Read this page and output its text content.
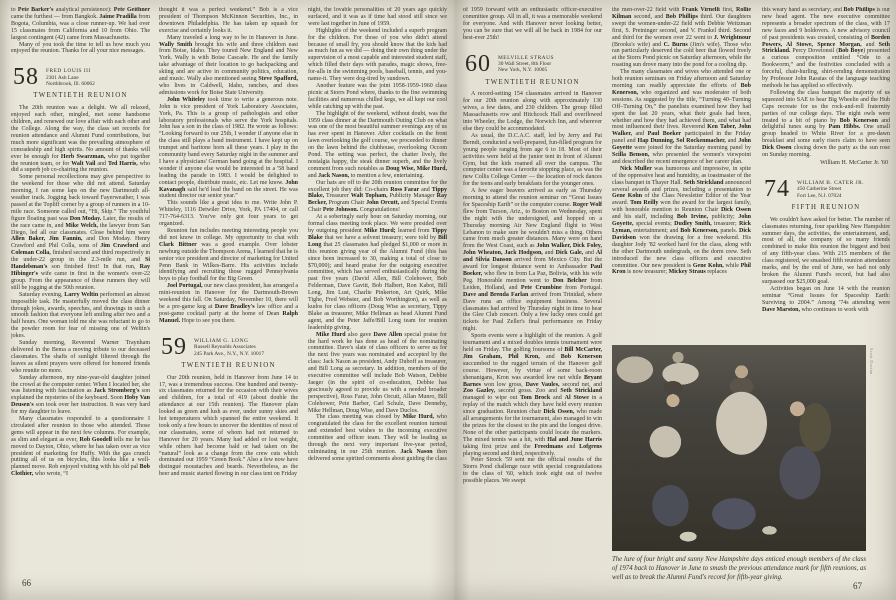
to Pete Barker's analytical persistence): Pete Geithner came the furthest — from Bangkok. Jaime Pradilla from Bogota, Columbia, was a close runner-up. We had over 15 classmates from California and 10 from Ohio. The largest contingent (42) came from Massachusetts.

Many of you took the time to tell us how much you enjoyed the reunion. Thanks for all your nice messages.

58 FRED LOUIS III
2301 Ash Lane
Northbrook, Ill. 60062
TWENTIETH REUNION

The 20th reunion was a delight. We all relaxed, enjoyed each other, mingled, met some handsome children, and renewed our love affair with each other and the College. Along the way, the class set records for reunion attendance and Alumni Fund contributions, but much more significant was the prevailing atmosphere of comradeship and high spirits. No amount of thanks will ever be enough for Herb Swarzman, who put together the reunion team, or for Walt Vail and Ted Harris, who did a superb job co-chairing the reunion.

Some personal recollections may give perspective to the weekend for those who did not attend. Saturday morning, I ran some laps on the new Dartmouth all-weather track. Jogging back toward Fayerweather, I was passed at the Topliff corner by a group of runners in a 10-mile race. Someone called out, “Hi, Skip.” The youthful figure floating past was Don Moday. Later, the results of the race came in, and Mike Welch, the lawyer from San Diego, led all our classmates. Close behind him were Allen Baker, Jim Fannin, and Don Moday. Henry Crawford and Phil Colla, sons of Jim Crawford and Coleman Colla, finished second and third respectively in the under-22 group in the 2.3-mile run, and Si Handelsman's son finished first! In that run, Ray Hibinger's wife came in first in the women's over-22 group. From the appearance of these runners they will still be jogging at the 50th reunion.

Saturday evening, Larry Weltin performed an almost impossible task. He masterfully moved the class dinner through jokes, awards, speeches, and drawings in such a smooth fashion that everyone left smiling after two and a half hours. One woman told me she was reluctant to go to the powder room for fear of missing one of Weltin's jokes.

Sunday morning, Reverend Warner Traynham delivered in the Bema a moving tribute to our deceased classmates. The shafts of sunlight filtered through the leaves as silent prayers were offered for honored friends who reunite no more.

Sunday afternoon, my nine-year-old daughter joined the crowd at the computer center. When I located her, she was listening with fascination as Jack Stromberg's son explained the mysteries of the keyboard. Soon Hoby Van Deusen's son took over her instruction. It was very hard for my daughter to leave.

Many classmates responded to a questionnaire I circulated after reunion to those who attended. Those gems will appear in the next few columns. For example, as slim and elegant as ever, Rob Goodell tells me he has moved to Dayton, Ohio, where he has taken over as vice president of marketing for Huffy. With the gas crunch putting all of us on bicycles, this looks like a well-planned move. Rob enjoyed visiting with his old pal Bob Clothier, who wrote, “I

thought it was a perfect weekend.” Bob is a vice president of Thompson McKinnon Securities, Inc., in downtown Philadelphia. He has taken up squash for exercise and certainly looks it.

Many traveled a long way to be in Hanover in June. Wally Smith brought his wife and three children east from Boise, Idaho. They toured New England and New York. Wally is with Boise Cascade. He and the family take advantage of their location to go backpacking and skiing and are active in community politics, education, and music. Wally also mentioned seeing Steve Spafford, who lives in Caldwell, Idaho, ranches, and does admissions work for Boise State University.

John Whiteley took time to write a generous note. John is vice president of York Laboratory Associates, York, Pa. This is a group of pathologists and other laboratory professionals who serve the York hospitals. John has a son in the class of 1982. He wrote as follows: “Looking forward to our 25th, I wonder if anyone else in the class still plays a band instrument. I have kept up on trumpet and baritone horn all these years. I play in the community band every Saturday night in the summer and I have a physicians' German band going at the hospital. I wonder if anyone else would be interested in a '58 band leading the parade in 1983. I would be delighted to contact people, distribute music, etc. Let me know. John Kavanagh said he'd lead the band on the street. He was student director our senior year.”

This sounds like a great idea to me. Write John P. Whiteley, 1116 Detwiler Drive, York, PA 17404, or call 717-764-6313. You've only got four years to get organized.

Reunion fun includes meeting interesting people you did not know in college. My opportunity to chat with Clark Bittner was a good example. Over lobster newburg outside the Thompson Arena, I learned that he is senior vice president and director of marketing for United Penn Bank in Wilkes-Barre. His activities include identifying and recruiting those rugged Pennsylvania boys to play football for the Big Green.

Joel Portugal, our new class president, has arranged a mini-reunion in Hanover for the Dartmouth-Brown weekend this fall. On Saturday, November 10, there will be a pre-game keg at Dave Bradley's law office and a post-game cocktail party at the home of Dean Ralph Manuel. Hope to see you there.

59 WILLIAM G. LONG
Russell Reynolds Associates
245 Park Ave., N.Y., N.Y. 10017
TWENTIETH REUNION

Our 20th reunion, held in Hanover from June 14 to 17, was a tremendous success. One hundred and twenty-six classmates returned for the occasion with their wives and children, for a total of 419 (about double the attendance at our 15th reunion). The Hanover plain looked as green and lush as ever, under sunny skies and hot temperatures which spanned the entire weekend. It took only a few hours to uncover the identities of most of our classmates, some of whom had not returned to Hanover for 20 years. Many had added or lost weight, while others had become bald or had taken on the “natural” look as a change from the crew cuts which dominated our 1959 “Green Book.” Also a few now have distingué moustaches and beards. Nevertheless, as the beer and music started flowing in our class tent on Friday

night, the lovable personalities of 20 years ago quickly surfaced, and it was as if time had stood still since we were last together in June of 1959.

Highlights of the weekend included a superb program for the children. For those of you who didn't attend because of small fry, you should know that the kids had as much fun as we did — doing their own thing under the supervision of a most capable and interested student staff, which filled their days with parades, magic shows, free-for-alls in the swimming pools, baseball, tennis, and you-name-it. They were dog-tired by sundown.

Another feature was the joint 1958-1959-1960 class picnic at Storrs Pond where, thanks to the fine swimming facilities and numerous chilled kegs, we all kept our cool while catching up with the past.

The highlight of the weekend, without doubt, was the 1959 class dinner at the Dartmouth Outing Club on what was one of the most beautiful summer evenings any of us has ever spent in Hanover. After cocktails on the front lawn overlooking the golf course, we proceeded to dinner on the lawn behind the clubhouse, overlooking Occom Pond. The setting was perfect, the chatter lively, the nostalgia happy, the steak dinner superb, and the lively comment from such notables as Doug Wise, Mike Hurd, and Jack Nason, to mention a few, entertaining.

Our hats are off to the 20th reunion committee for the excellent job they did: Co-chairs Ross Farar and Tippy Blake, Treasurer Walt Topham, Publicity Manager Ray Becker, Program Chair John Orcutt, and Special Events Chair Pete Johnson. Congratulations!

At a soberingly early hour on Saturday morning, our formal class meeting took place. We were presided over by outgoing president Mike Hurd; learned from Tippy Blake that we have a solvent treasury; were told by Bill Long that 25 classmates had pledged $1,000 or more in this reunion giving year of the Alumni Fund (this has since been increased to 30, making a total of close to $70,000); and heard praise for the outgoing executive committee, which has served enthusiastically during the past five years (David Allen, Bill Colehower, Bob Felderman, Dave Gavitt, Bob Halbert, Ron Kabot, Bill Long, Jim Lust, Charlie Pinkerton, Art Quirk, Mike Tighe, Fred Webster, and Bob Worthington), as well as kudos for class officers (Doug Wise as secretary, Tippy Blake as treasurer, Mike Hellman as head Alumni Fund agent, and the Peter Jaffe/Bill Long team for reunion leadership giving.

Mike Hurd also gave Dave Allen special praise for the hard work he has done as head of the nominating committee. Dave's slate of class officers to serve us for the next five years was nominated and accepted by the class: Jack Nason as president, Andy Duboff as treasurer, and Bill Long as secretary. In addition, members of the executive committee will include Bob Watson, Debbie Jaeger (in the spirit of co-education, Debbie has graciously agreed to provide us with a needed broader perspective), Ross Farar, John Orcutt, Allan Munro, Bill Colehower, Pete Barber, Carl Schulz, Dave Dennehy, Mike Hellman, Doug Wise, and Dave Duclos.

The class meeting was closed by Mike Hurd, who congratulated the class for the excellent reunion turnout and extended best wishes to the incoming executive committee and officer team. They will be leading us through the next very important five-year period, culminating in our 25th reunion. Jack Nason then delivered some spirited comments about guiding the class

of 1959 forward with an enthusiastic officer-executive committee group. All in all, it was a memorable weekend for everyone. And with Hanover never looking better, you can be sure that we will all be back in 1984 for our best-ever 25th!

60 MELVILLE STRAUS
30 Wall Street, 8th Floor
New York, N.Y. 10005
TWENTIETH REUNION

A record-setting 154 classmates arrived in Hanover for our 20th reunion along with approximately 130 wives, a few dates, and 230 children. The group filled Massachusetts row and Hitchcock Hall and overflowed into Wheeler, the Lodge, the Norwich Inn, and wherever else they could be accommodated.

As usual, the D.C.A.C. staff, led by Jerry and Pat Berndt, conducted a well-prepared, fun-filled program for young people ranging from age 6 to 18. Most of their activities were held at the junior tent in front of Alumni Gym, but the kids roamed all over the campus. The computer center was a favorite stopping place, as was the new Collis College Center — the location of rock dances for the teens and early breakfasts for the younger ones.

A few eager beavers arrived as early as Thursday morning to attend the reunion seminar on “Great Issues for Spaceship Earth” or the computer course. Roger Wolf flew from Tucson, Ariz., to Boston on Wednesday, spent the night with the undersigned, and hopped on a Thursday morning Air New England flight to West Lebanon to make sure he wouldn't miss a thing. Others came from much greater distances. Many were on hand from the West Coast, such as John Walker, Dick Foley, John Wheaton, Jack Hodgson, and Dick Gale, and Al and Silvia Danson arrived from Mexico City. But the award for longest distance went to Ambassador Paul Boeker, who flew in from La Paz, Bolivia, with his wife Peg. Honorable mention went to Don Belcher from Leiden, Holland, and Pete Crumbine from Portugal. Dave and Brenda Farlan arrived from Trinidad, where Dave runs an office equipment business. Several classmates had arrived by Thursday night in time to hear the Glee Club concert. Only a few lucky ones could get tickets for Paul Zeller's final performance on Friday night.

Sports events were a highlight of the reunion. A golf tournament and a mixed doubles tennis tournament were held on Friday. The golfing foursome of Bill McCarter, Jim Graham, Phil Kron, and Bob Kenerson succumbed to the rugged terrain of the Hanover golf course. However, by virtue of some back-room shenanigans, Kron was awarded low net while Bryant Barnes won low gross, Dave Vaules, second net, and Zoo Gazley, second gross. Zoo and Seth Strickland managed to wipe out Tom Brock and Al Stowe in a replay of the match which they have held every reunion since graduation. Reunion chair Dick Ossen, who made all arrangements for the tournament, also managed to win the prizes for the closest to the pin and the longest drive. None of the other participants could locate the markers. The mixed tennis was a hit, with Hal and June Harris taking first prize and the Freedmans and Lofgrens playing second and third, respectively.

Peter Sirock '59 sent me the official results of the Storrs Pond challenge race with special congratulations to the class of '60, which took eight out of twelve possible places. We swept

the men-over-22 field with Frank Virnelli first, Rollie Kilman second, and Bob Phillips third. Our daughters swept the women-under-22 field with Debbie Weitzman first, S. Preininger second, and V. Frankel third. Second and third for the women over 22 went to J. Wrightnour (Brooks's wife) and C. Burns (Jim's wife). Those who ran particularly deserved the cold beer that flowed freely at the Storrs Pond picnic on Saturday afternoon, while the roasting sun drove many into the pond for a cooling dip.

The many classmates and wives who attended one or both reunion seminars on Friday afternoon and Saturday morning can readily appreciate the efforts of Bob Kenerson, who organized and was moderator of both sessions. As suggested by the title, “Turning 40–Turning Off–Turning On,” the panelists examined how they had spent the last 20 years, what their goals had been, whether and how they had achieved them, and what had most influenced their lives. Reverend Ken Taber, John Walker, and Paul Boeker participated in the Friday panel and Hap Dunning, Sol Rockenmacher, and John Goyette were joined for the Saturday morning panel by Scilla Benson, who presented the women's viewpoint and described the recent emergence of her career plan.

Nick Muller was humorous and impressive, in spite of the oppressive heat and humidity, as toastmaster of the class banquet in Thayer Hall. Seth Strickland announced several awards and prizes, including a presentation to Gene Kohn of the Class Newsletter Editor of the Year award. Tom Reilly won the award for the largest family, with honorable mention to Reunion Chair Dick Ossen and his staff, including Bob Irvine, publicity; John Goyette, special events; Dudley Smith, treasurer; Rick Lyman, entertainment; and Bob Kenerson, panels. Dick Davidson won the drawing for a free weekend. His daughter Jody '82 worked hard for the class, along with the other Dartmouth undergrads, on the dorm crew. Seth introduced the new class officers and executive committee. Our new president is Gene Kohn, while Phil Kron is now treasurer; Mickey Straus replaces

this weary hand as secretary; and Bob Phillips is our new head agent. The new executive committee represents a broader spectrum of the class, with 17 new faces and 9 holdovers. A new advisory council of past presidents was created, consisting of Borden Powers, Al Stowe, Spence Morgan, and Seth Strickland. Percy Dovetonsil (Bob Boye) presented a curious composition entitled “Ode to a Bookworm,” and the festivities concluded with a forceful, chair-hurling, shirt-rending demonstration by Professor John Rassias of the language teaching methods he has applied so effectively.

Following the class banquet the majority of us squeezed into SAE to hear Big Wheelie and the Hub Caps recreate for us the rock-and-roll fraternity parties of our college days. The night owls were treated to a bit of piano by Bob Kenerson and delightful tunes sung by Pam Hibbs. One small group headed to White River for a pre-dawn breakfast and some early risers claim to have seen Dick Ossen closing down the party as the sun rose on Sunday morning.

William H. McCarter Jr. '60
74 WILLIAM B. CATER JR.
450 Catherine Street
Fort Lee, N.J. 07024
FIFTH REUNION

We couldn't have asked for better. The number of classmates returning, four sparkling New Hampshire summer days, the activities, the entertainment, and, most of all, the company of so many friends combined to make this reunion the biggest and best of any fifth-year class. With 215 members of the class registered, we smashed fifth reunion attendance marks, and by the end of June, we had not only broken the Alumni Fund's record, but had also surpassed our $25,000 goal.

Activities began on June 14 with the reunion seminar “Great Issues for Spaceship Earth: Surviving to 2004.” Among '74s attending were Dave Marston, who continues to work with

Scott Dorian
The lure of four bright and sunny New Hampshire days enticed enough members of the class of 1974 back to Hanover in June to smash the previous attendance mark for fifth reunions, as well as to break the Alumni Fund's record for fifth-year giving.
66	67
